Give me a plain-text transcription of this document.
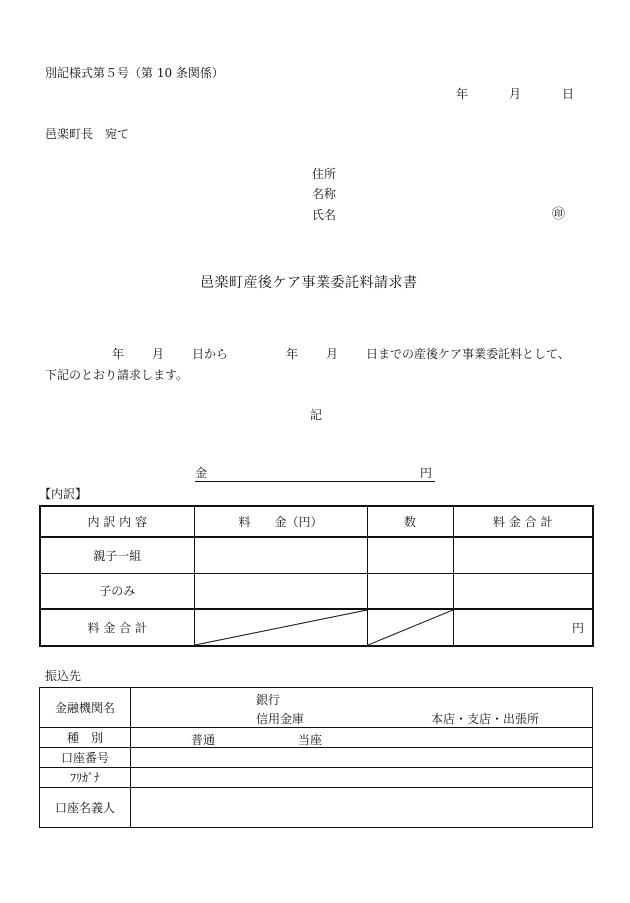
別記様式第５号（第 10 条関係）
年	月	日
邑楽町長　宛て
住所
名称
氏名	㊞
邑楽町産後ケア事業委託料請求書
年 月 日から	年 月 日までの産後ケア事業委託料として、
下記のとおり請求します。
記
金	円
【内訳】
内 訳 内 容	料　　金（円）	数	料 金 合 計
親子一組			
子のみ			
料 金 合 計			円
振込先
金融機関名	銀行
信用金庫 本店・支店・出張所

種　別	普通 当座

口座番号	
ﾌﾘｶﾞﾅ	
口座名義人	
